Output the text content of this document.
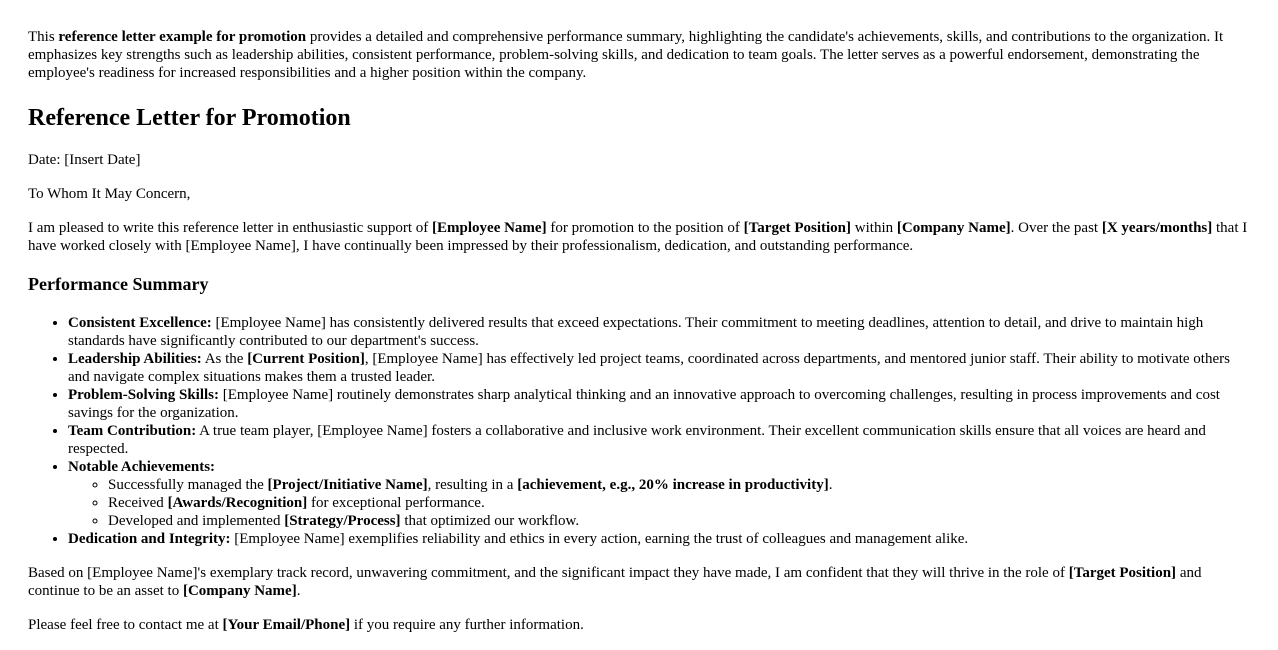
This reference letter example for promotion provides a detailed and comprehensive performance summary, highlighting the candidate's achievements, skills, and contributions to the organization. It emphasizes key strengths such as leadership abilities, consistent performance, problem-solving skills, and dedication to team goals. The letter serves as a powerful endorsement, demonstrating the employee's readiness for increased responsibilities and a higher position within the company.

Reference Letter for Promotion

Date: [Insert Date]

To Whom It May Concern,

I am pleased to write this reference letter in enthusiastic support of [Employee Name] for promotion to the position of [Target Position] within [Company Name]. Over the past [X years/months] that I have worked closely with [Employee Name], I have continually been impressed by their professionalism, dedication, and outstanding performance.

Performance Summary
• Consistent Excellence: [Employee Name] has consistently delivered results that exceed expectations. Their commitment to meeting deadlines, attention to detail, and drive to maintain high standards have significantly contributed to our department's success.
• Leadership Abilities: As the [Current Position], [Employee Name] has effectively led project teams, coordinated across departments, and mentored junior staff. Their ability to motivate others and navigate complex situations makes them a trusted leader.
• Problem-Solving Skills: [Employee Name] routinely demonstrates sharp analytical thinking and an innovative approach to overcoming challenges, resulting in process improvements and cost savings for the organization.
• Team Contribution: A true team player, [Employee Name] fosters a collaborative and inclusive work environment. Their excellent communication skills ensure that all voices are heard and respected.
• Notable Achievements:
◦ Successfully managed the [Project/Initiative Name], resulting in a [achievement, e.g., 20% increase in productivity].
◦ Received [Awards/Recognition] for exceptional performance.
◦ Developed and implemented [Strategy/Process] that optimized our workflow.
• Dedication and Integrity: [Employee Name] exemplifies reliability and ethics in every action, earning the trust of colleagues and management alike.

Based on [Employee Name]'s exemplary track record, unwavering commitment, and the significant impact they have made, I am confident that they will thrive in the role of [Target Position] and continue to be an asset to [Company Name].

Please feel free to contact me at [Your Email/Phone] if you require any further information.
